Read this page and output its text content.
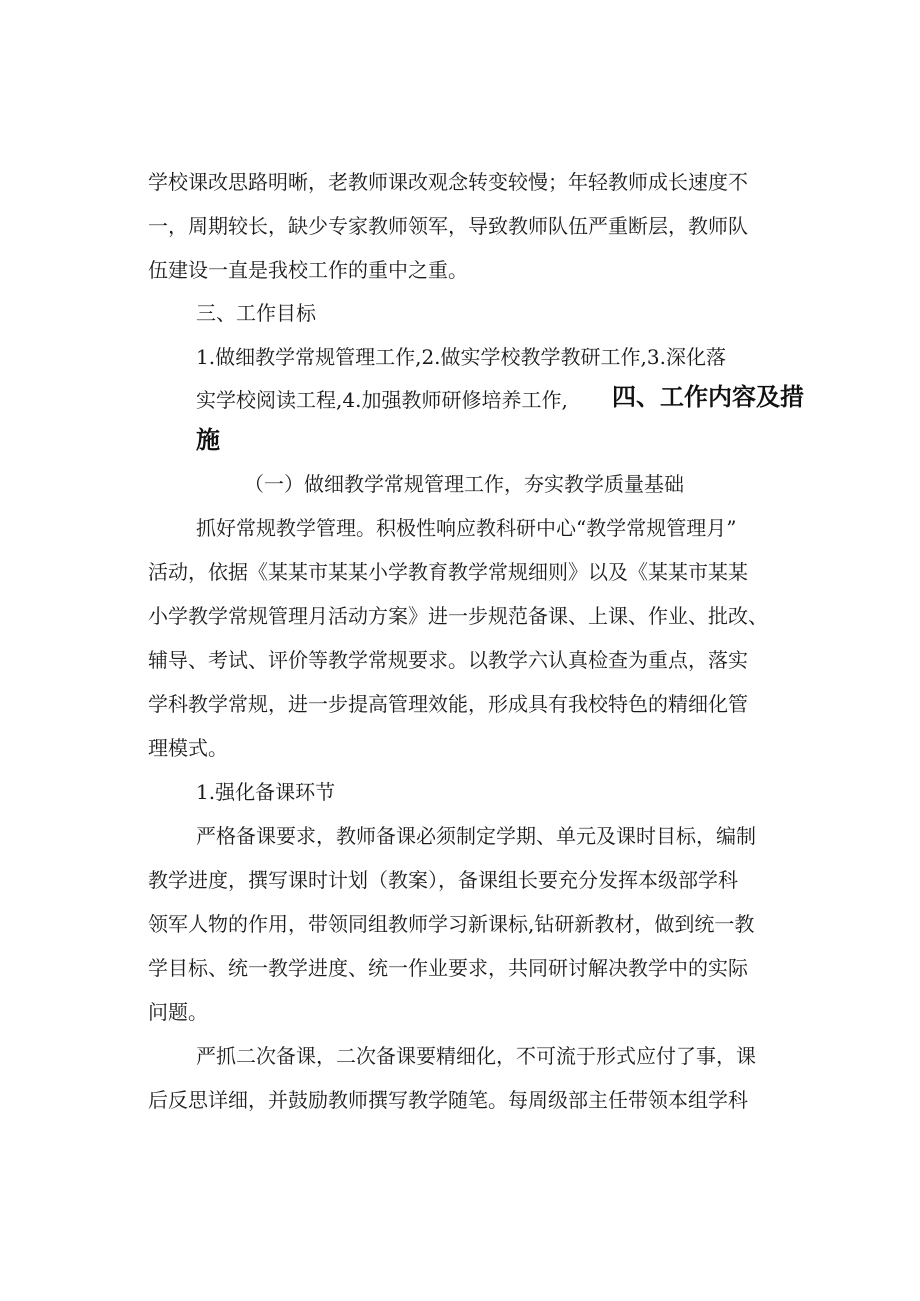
学校课改思路明晰，老教师课改观念转变较慢；年轻教师成长速度不
一，周期较长，缺少专家教师领军，导致教师队伍严重断层，教师队
伍建设一直是我校工作的重中之重。
三、工作目标
1.做细教学常规管理工作,2.做实学校教学教研工作,3.深化落
实学校阅读工程,4.加强教师研修培养工作, 四、工作内容及措
施
（一）做细教学常规管理工作，夯实教学质量基础
抓好常规教学管理。积极性响应教科研中心“教学常规管理月”
活动，依据《某某市某某小学教育教学常规细则》以及《某某市某某
小学教学常规管理月活动方案》进一步规范备课、上课、作业、批改、
辅导、考试、评价等教学常规要求。以教学六认真检查为重点，落实
学科教学常规，进一步提高管理效能，形成具有我校特色的精细化管
理模式。
1.强化备课环节
严格备课要求，教师备课必须制定学期、单元及课时目标，编制
教学进度，撰写课时计划（教案），备课组长要充分发挥本级部学科
领军人物的作用，带领同组教师学习新课标,钻研新教材，做到统一教
学目标、统一教学进度、统一作业要求，共同研讨解决教学中的实际
问题。
严抓二次备课，二次备课要精细化，不可流于形式应付了事，课
后反思详细，并鼓励教师撰写教学随笔。每周级部主任带领本组学科
